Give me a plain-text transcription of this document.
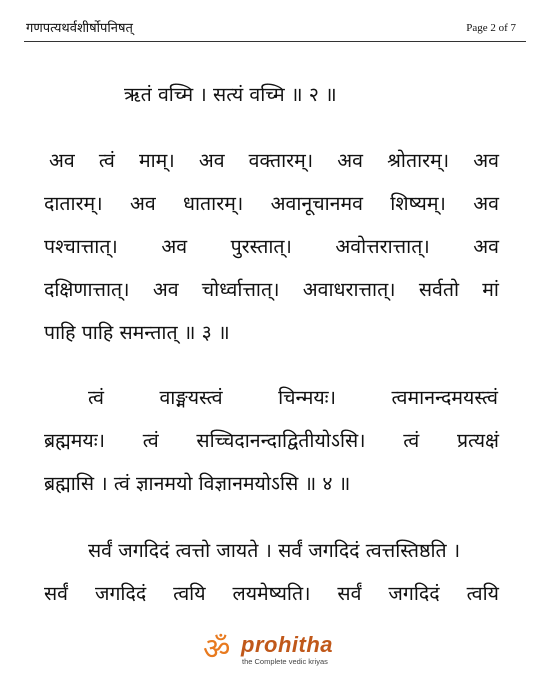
गणपत्यथर्वशीर्षोपनिषत्	Page 2 of 7
ऋतं वच्मि । सत्यं वच्मि ॥ २ ॥
अव त्वं माम्। अव वक्तारम्। अव श्रोतारम्। अव
दातारम्। अव धातारम्। अवानूचानमव शिष्यम्। अव
पश्चात्तात्। अव पुरस्तात्। अवोत्तरात्तात्। अव
दक्षिणात्तात्। अव चोर्ध्वात्तात्। अवाधरात्तात्। सर्वतो मां
पाहि पाहि समन्तात् ॥ ३ ॥
त्वं	वाङ्मयस्त्वं	चिन्मयः।	त्वमानन्दमयस्त्वं
ब्रह्ममयः। त्वं सच्चिदानन्दाद्वितीयोऽसि। त्वं प्रत्यक्षं
ब्रह्मासि । त्वं ज्ञानमयो विज्ञानमयोऽसि ॥ ४ ॥
सर्वं जगदिदं त्वत्तो जायते । सर्वं जगदिदं त्वत्तस्तिष्ठति ।
सर्वं जगदिदं त्वयि लयमेष्यति। सर्वं जगदिदं त्वयि
ॐ prohitha
the Complete vedic kriyas
